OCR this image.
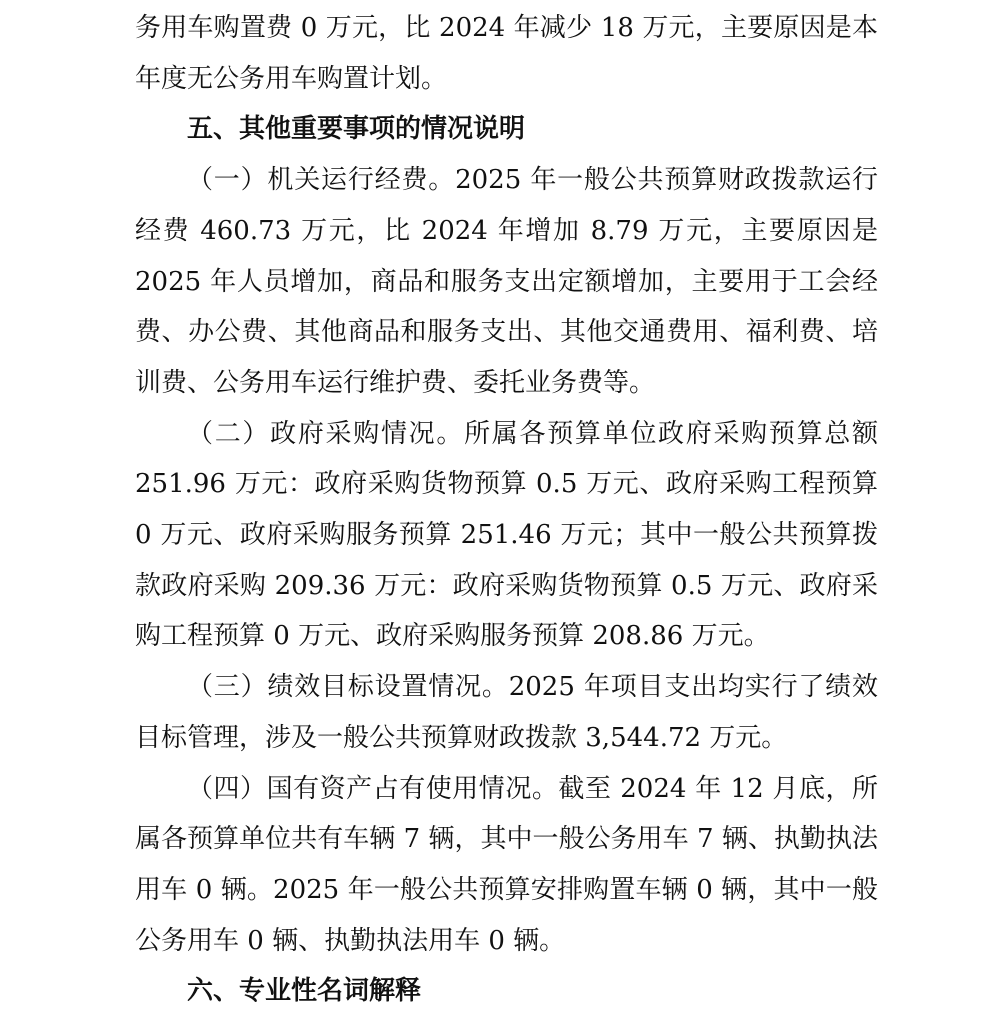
务用车购置费 0 万元，比 2024 年减少 18 万元，主要原因是本年度无公务用车购置计划。

五、其他重要事项的情况说明

（一）机关运行经费。2025 年一般公共预算财政拨款运行经费 460.73 万元，比 2024 年增加 8.79 万元，主要原因是 2025 年人员增加，商品和服务支出定额增加，主要用于工会经费、办公费、其他商品和服务支出、其他交通费用、福利费、培训费、公务用车运行维护费、委托业务费等。

（二）政府采购情况。所属各预算单位政府采购预算总额 251.96 万元：政府采购货物预算 0.5 万元、政府采购工程预算 0 万元、政府采购服务预算 251.46 万元；其中一般公共预算拨款政府采购 209.36 万元：政府采购货物预算 0.5 万元、政府采购工程预算 0 万元、政府采购服务预算 208.86 万元。

（三）绩效目标设置情况。2025 年项目支出均实行了绩效目标管理，涉及一般公共预算财政拨款 3,544.72 万元。

（四）国有资产占有使用情况。截至 2024 年 12 月底，所属各预算单位共有车辆 7 辆，其中一般公务用车 7 辆、执勤执法用车 0 辆。2025 年一般公共预算安排购置车辆 0 辆，其中一般公务用车 0 辆、执勤执法用车 0 辆。

六、专业性名词解释
